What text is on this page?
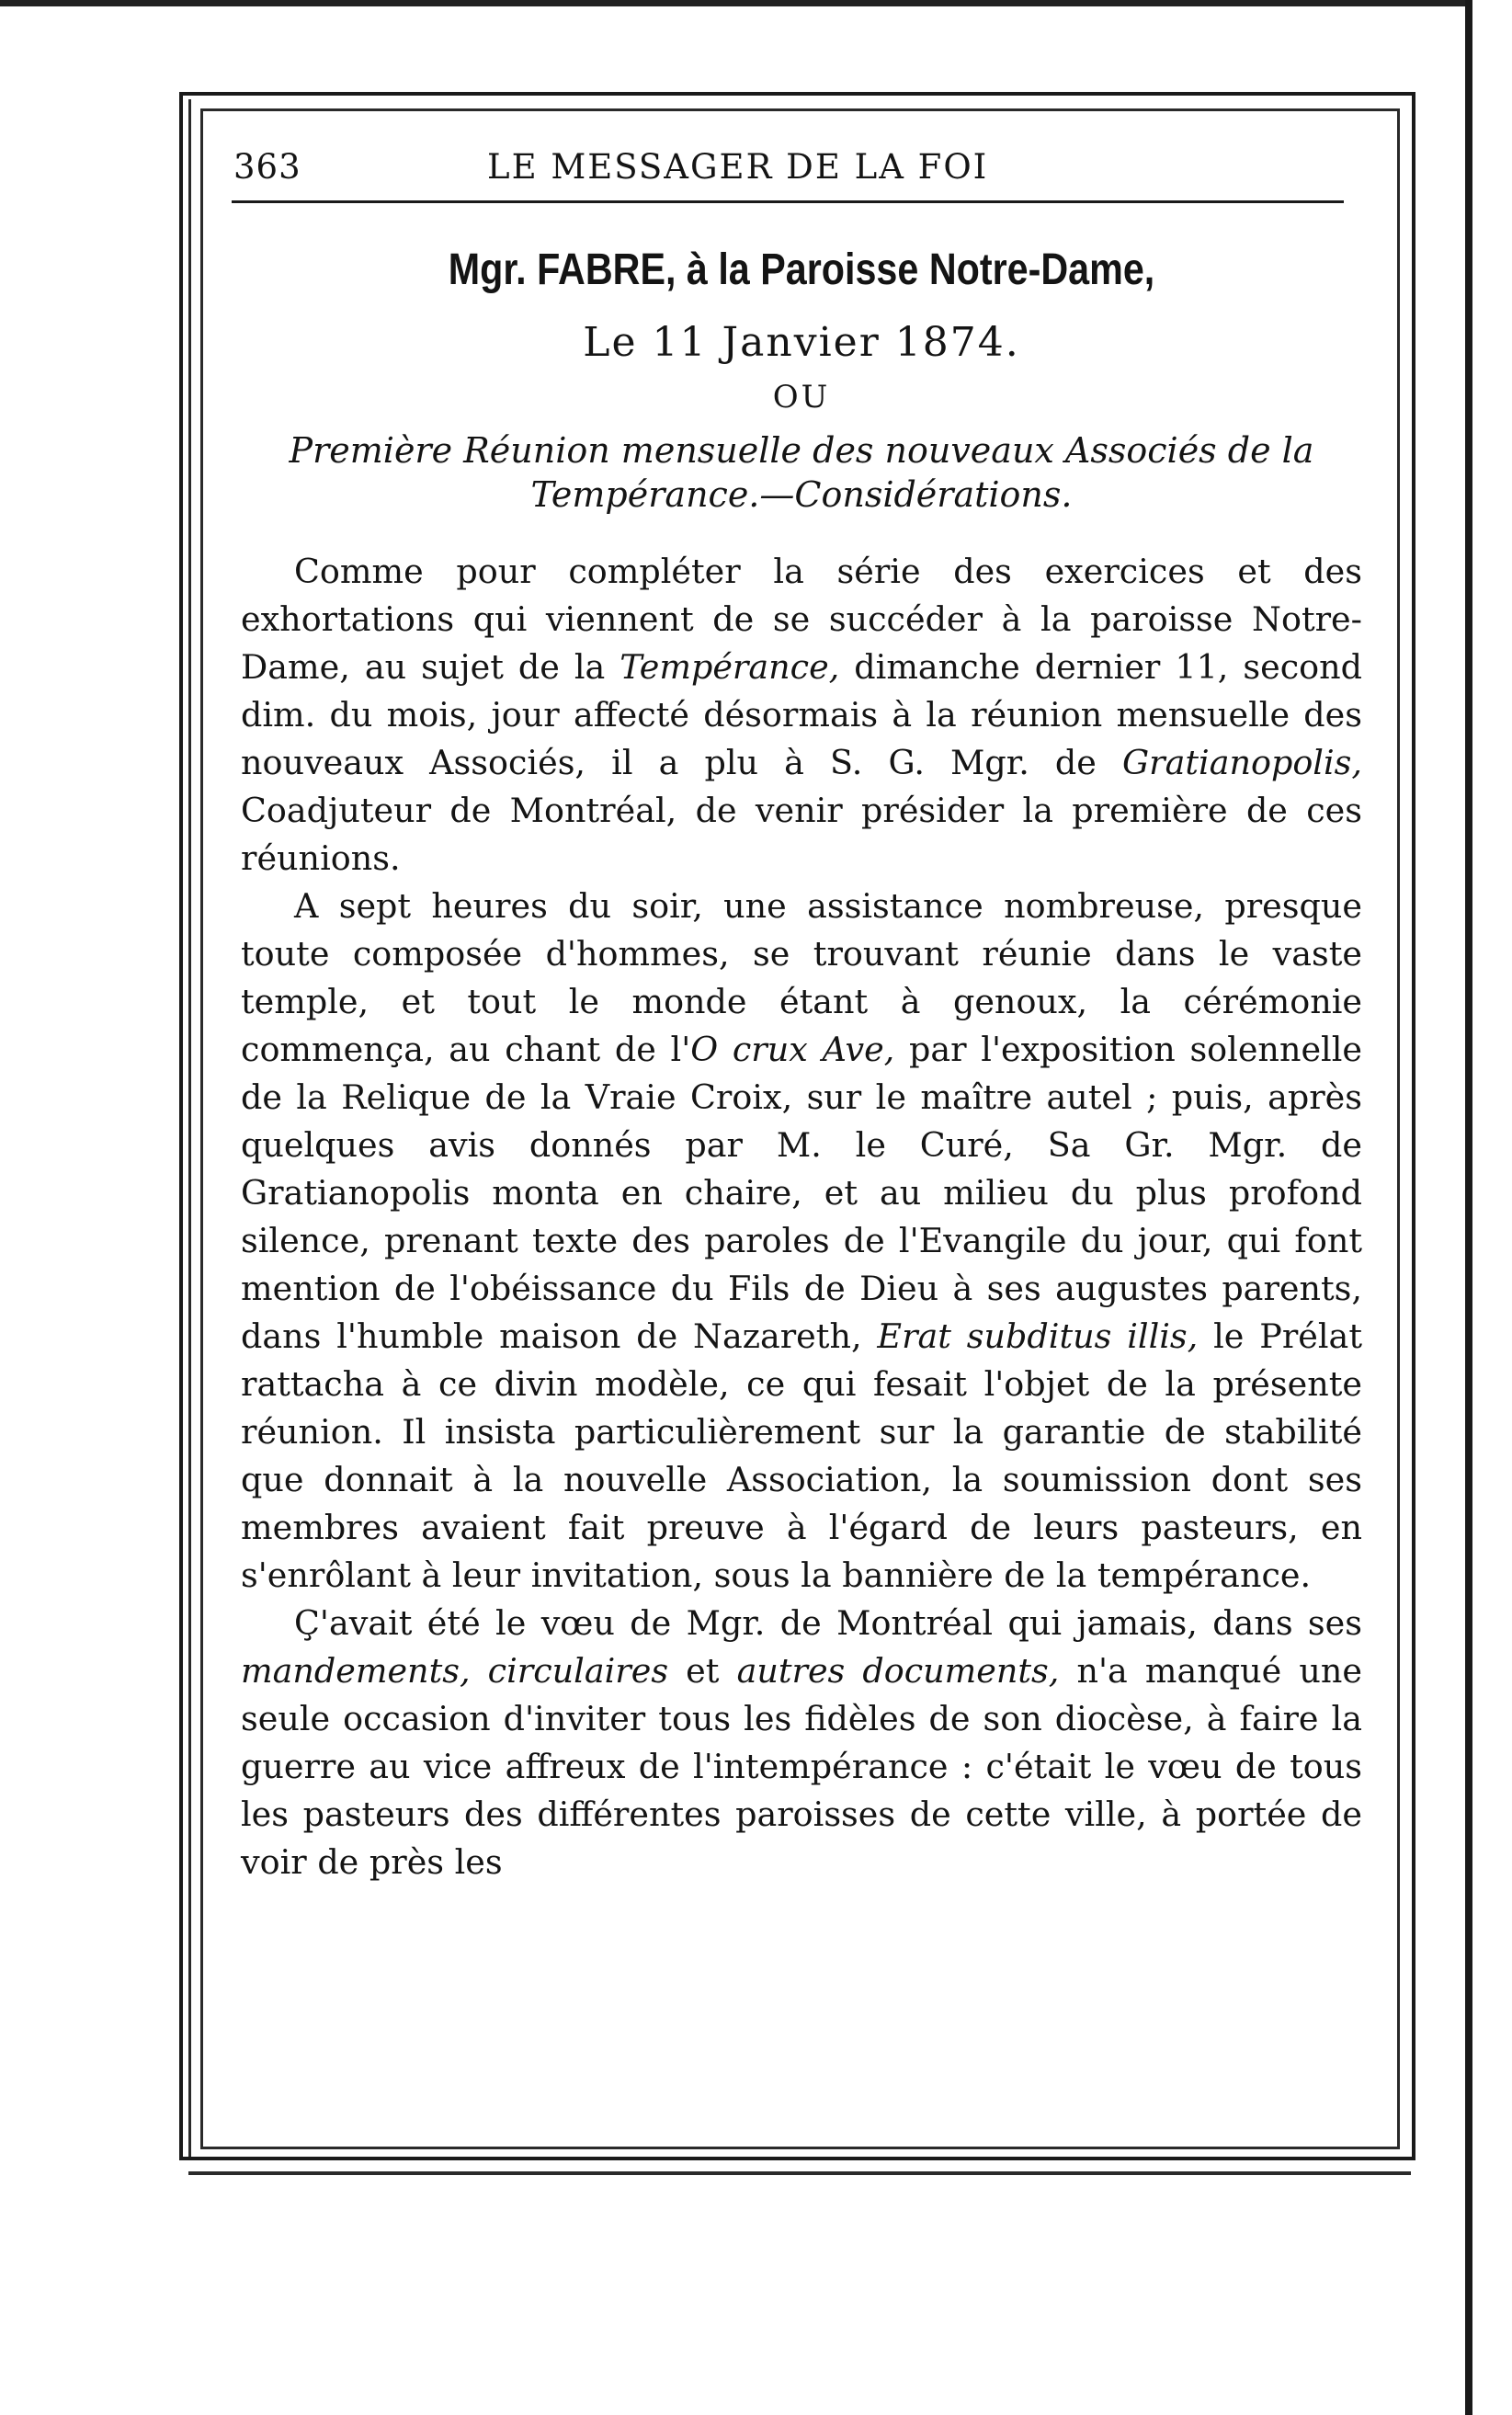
363	LE MESSAGER DE LA FOI
Mgr. FABRE, à la Paroisse Notre-Dame,
Le 11 Janvier 1874.
OU
Première Réunion mensuelle des nouveaux Associés de la Tempérance.—Considérations.

Comme pour compléter la série des exercices et des exhortations qui viennent de se succéder à la paroisse Notre-Dame, au sujet de la Tempérance, dimanche dernier 11, second dim. du mois, jour affecté désormais à la réunion mensuelle des nouveaux Associés, il a plu à S. G. Mgr. de Gratianopolis, Coadjuteur de Montréal, de venir présider la première de ces réunions.

A sept heures du soir, une assistance nombreuse, presque toute composée d'hommes, se trouvant réunie dans le vaste temple, et tout le monde étant à genoux, la cérémonie commença, au chant de l'O crux Ave, par l'exposition solennelle de la Relique de la Vraie Croix, sur le maître autel ; puis, après quelques avis donnés par M. le Curé, Sa Gr. Mgr. de Gratianopolis monta en chaire, et au milieu du plus profond silence, prenant texte des paroles de l'Evangile du jour, qui font mention de l'obéissance du Fils de Dieu à ses augustes parents, dans l'humble maison de Nazareth, Erat subditus illis, le Prélat rattacha à ce divin modèle, ce qui fesait l'objet de la présente réunion. Il insista particulièrement sur la garantie de stabilité que donnait à la nouvelle Association, la soumission dont ses membres avaient fait preuve à l'égard de leurs pasteurs, en s'enrôlant à leur invitation, sous la bannière de la tempérance.

Ç'avait été le vœu de Mgr. de Montréal qui jamais, dans ses mandements, circulaires et autres documents, n'a manqué une seule occasion d'inviter tous les fidèles de son diocèse, à faire la guerre au vice affreux de l'intempérance : c'était le vœu de tous les pasteurs des différentes paroisses de cette ville, à portée de voir de près les
